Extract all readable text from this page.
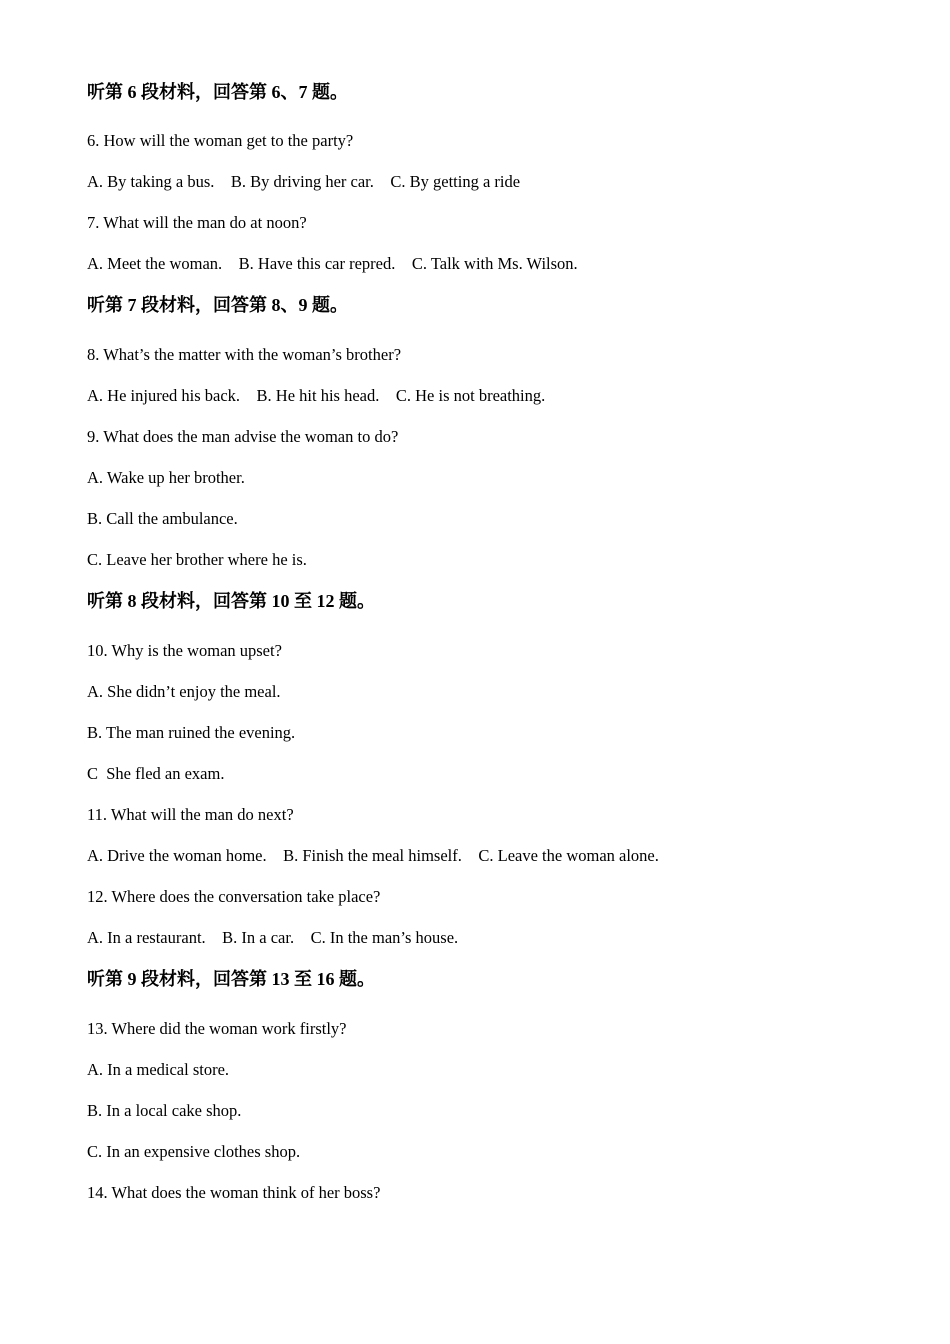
听第 6 段材料，回答第 6、7 题。
6. How will the woman get to the party?
A. By taking a bus.    B. By driving her car.    C. By getting a ride
7. What will the man do at noon?
A. Meet the woman.    B. Have this car repred.    C. Talk with Ms. Wilson.
听第 7 段材料，回答第 8、9 题。
8. What’s the matter with the woman’s brother?
A. He injured his back.    B. He hit his head.    C. He is not breathing.
9. What does the man advise the woman to do?
A. Wake up her brother.
B. Call the ambulance.
C. Leave her brother where he is.
听第 8 段材料，回答第 10 至 12 题。
10. Why is the woman upset?
A. She didn’t enjoy the meal.
B. The man ruined the evening.
C  She fled an exam.
11. What will the man do next?
A. Drive the woman home.    B. Finish the meal himself.    C. Leave the woman alone.
12. Where does the conversation take place?
A. In a restaurant.    B. In a car.    C. In the man’s house.
听第 9 段材料，回答第 13 至 16 题。
13. Where did the woman work firstly?
A. In a medical store.
B. In a local cake shop.
C. In an expensive clothes shop.
14. What does the woman think of her boss?
